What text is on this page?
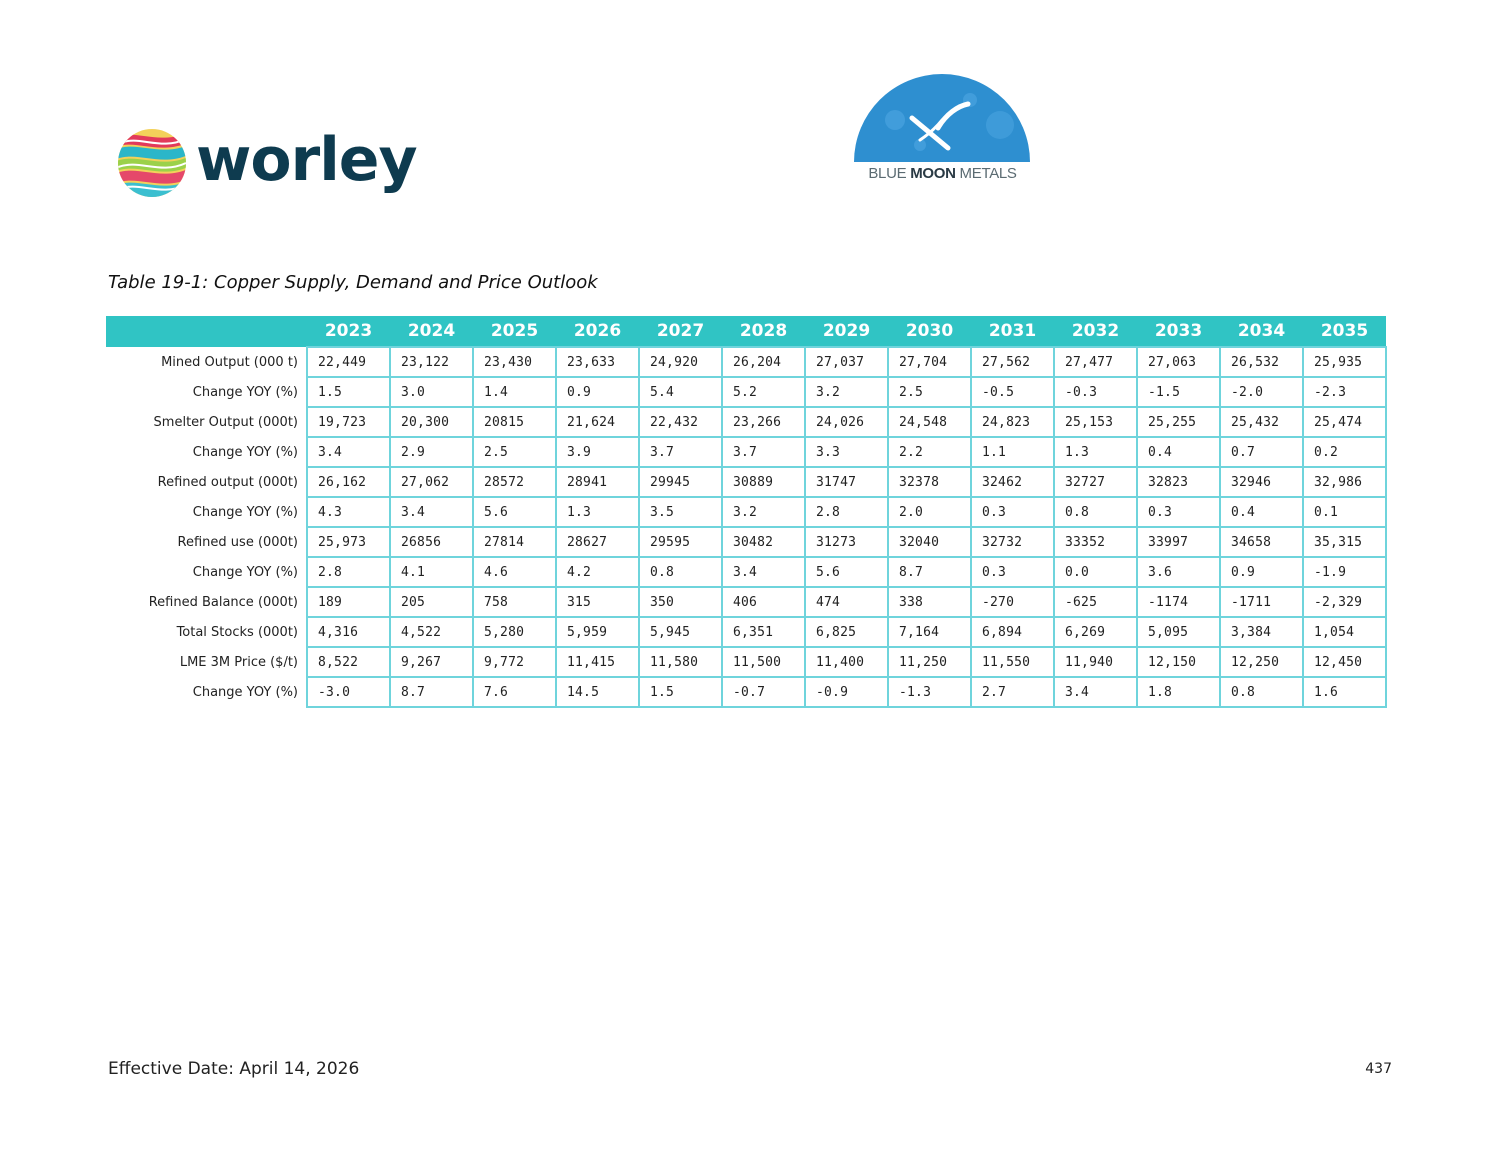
worley	BLUE MOON METALS
Table 19-1: Copper Supply, Demand and Price Outlook
	2023	2024	2025	2026	2027	2028	2029	2030	2031	2032	2033	2034	2035
Mined Output (000 t)	22,449	23,122	23,430	23,633	24,920	26,204	27,037	27,704	27,562	27,477	27,063	26,532	25,935
Change YOY (%)	1.5	3.0	1.4	0.9	5.4	5.2	3.2	2.5	-0.5	-0.3	-1.5	-2.0	-2.3
Smelter Output (000t)	19,723	20,300	20815	21,624	22,432	23,266	24,026	24,548	24,823	25,153	25,255	25,432	25,474
Change YOY (%)	3.4	2.9	2.5	3.9	3.7	3.7	3.3	2.2	1.1	1.3	0.4	0.7	0.2
Refined output (000t)	26,162	27,062	28572	28941	29945	30889	31747	32378	32462	32727	32823	32946	32,986
Change YOY (%)	4.3	3.4	5.6	1.3	3.5	3.2	2.8	2.0	0.3	0.8	0.3	0.4	0.1
Refined use (000t)	25,973	26856	27814	28627	29595	30482	31273	32040	32732	33352	33997	34658	35,315
Change YOY (%)	2.8	4.1	4.6	4.2	0.8	3.4	5.6	8.7	0.3	0.0	3.6	0.9	-1.9
Refined Balance (000t)	189	205	758	315	350	406	474	338	-270	-625	-1174	-1711	-2,329
Total Stocks (000t)	4,316	4,522	5,280	5,959	5,945	6,351	6,825	7,164	6,894	6,269	5,095	3,384	1,054
LME 3M Price ($/t)	8,522	9,267	9,772	11,415	11,580	11,500	11,400	11,250	11,550	11,940	12,150	12,250	12,450
Change YOY (%)	-3.0	8.7	7.6	14.5	1.5	-0.7	-0.9	-1.3	2.7	3.4	1.8	0.8	1.6
Effective Date: April 14, 2026	437
